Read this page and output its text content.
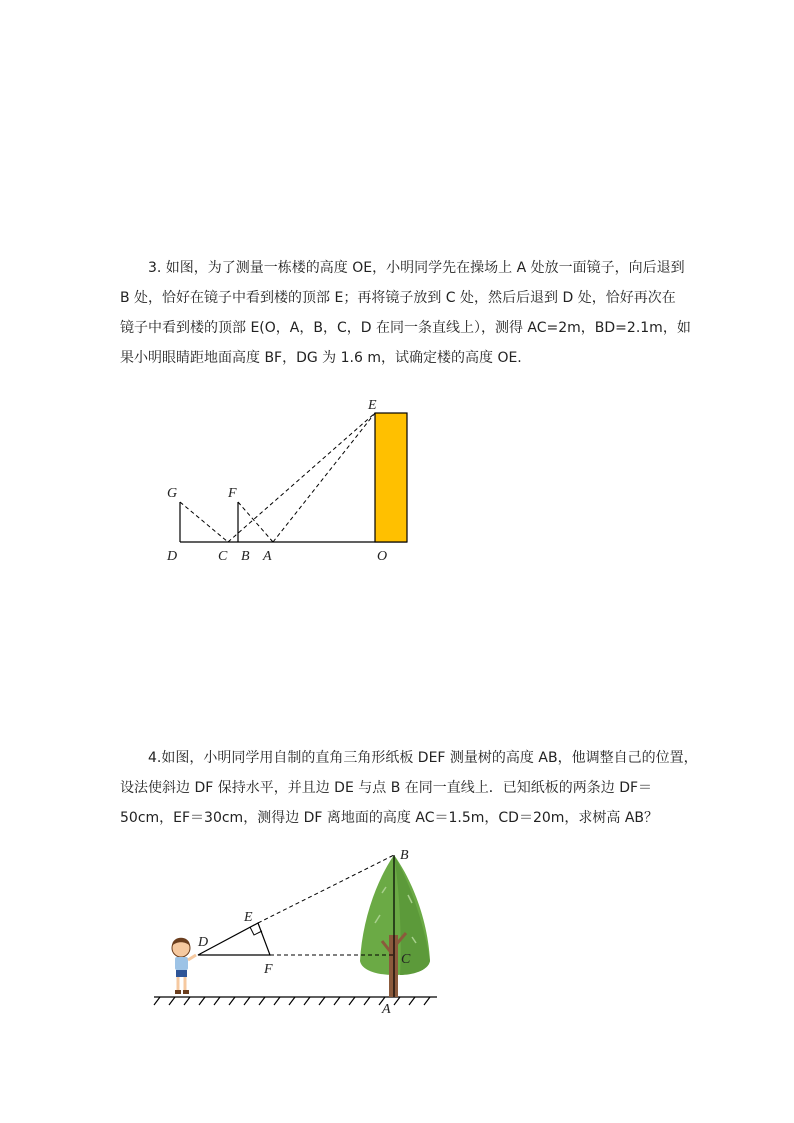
3. 如图，为了测量一栋楼的高度 OE，小明同学先在操场上 A 处放一面镜子，向后退到
B 处，恰好在镜子中看到楼的顶部 E；再将镜子放到 C 处，然后后退到 D 处，恰好再次在
镜子中看到楼的顶部 E(O，A，B，C，D 在同一条直线上），测得 AC=2m，BD=2.1m，如
果小明眼睛距地面高度 BF，DG 为 1.6 m，试确定楼的高度 OE.
E
G	F
D	C B A	O
4.如图，小明同学用自制的直角三角形纸板 DEF 测量树的高度 AB，他调整自己的位置，
设法使斜边 DF 保持水平，并且边 DE 与点 B 在同一直线上．已知纸板的两条边 DF＝
50cm，EF＝30cm，测得边 DF 离地面的高度 AC＝1.5m，CD＝20m，求树高 AB？
B
E
D
F
C
A
